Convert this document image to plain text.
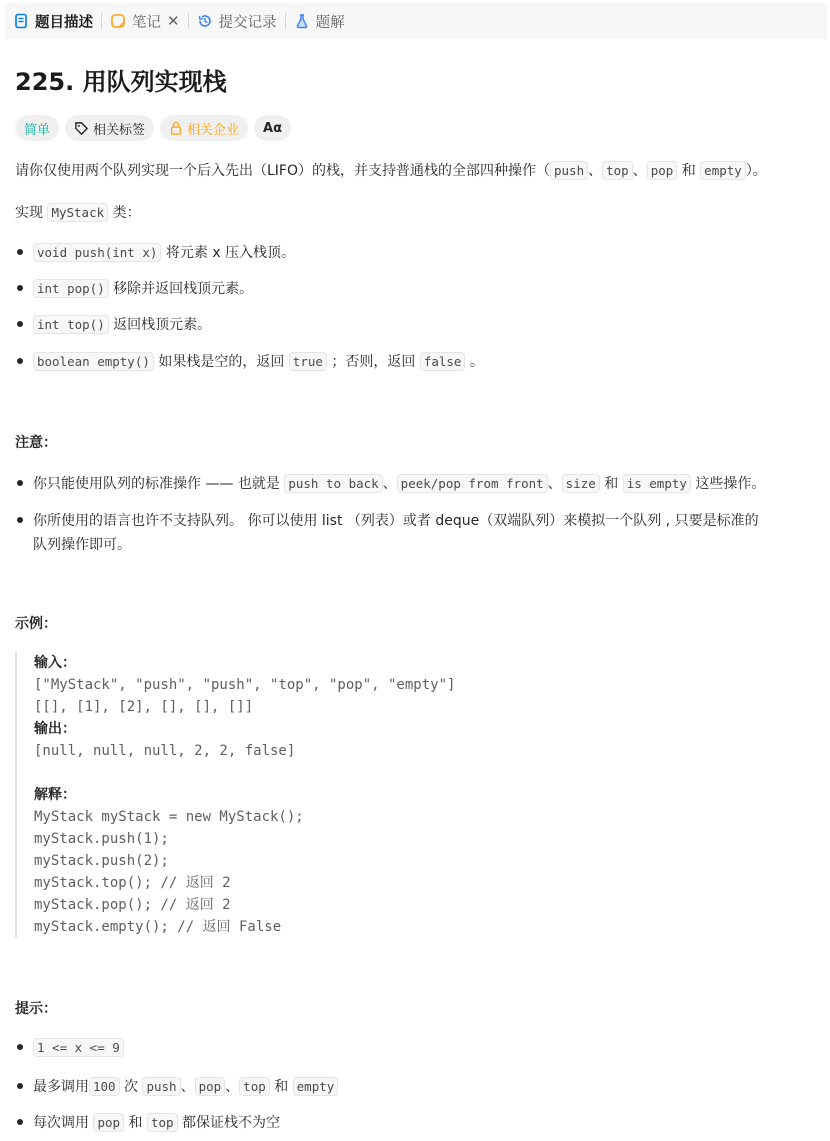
题目描述	笔记 ✕	提交记录	题解
225. 用队列实现栈
简单	相关标签	相关企业 Aα
请你仅使用两个队列实现一个后入先出（LIFO）的栈，并支持普通栈的全部四种操作（ push 、 top 、 pop 和 empty ）。
实现 MyStack 类：
void push(int x) 将元素 x 压入栈顶。
int pop() 移除并返回栈顶元素。
int top() 返回栈顶元素。
boolean empty() 如果栈是空的，返回 true ；否则，返回 false 。
注意：
你只能使用队列的标准操作 —— 也就是 push to back 、 peek/pop from front 、 size 和 is empty 这些操作。
你所使用的语言也许不支持队列。 你可以使用 list （列表）或者 deque（双端队列）来模拟一个队列 , 只要是标准的
队列操作即可。
示例：
输入：
["MyStack", "push", "push", "top", "pop", "empty"]
[[], [1], [2], [], [], []]
输出：
[null, null, null, 2, 2, false]
解释：
MyStack myStack = new MyStack();
myStack.push(1);
myStack.push(2);
myStack.top(); // 返回 2
myStack.pop(); // 返回 2
myStack.empty(); // 返回 False
提示：
1 <= x <= 9
最多调用 100 次 push 、 pop 、 top 和 empty
每次调用 pop 和 top 都保证栈不为空
